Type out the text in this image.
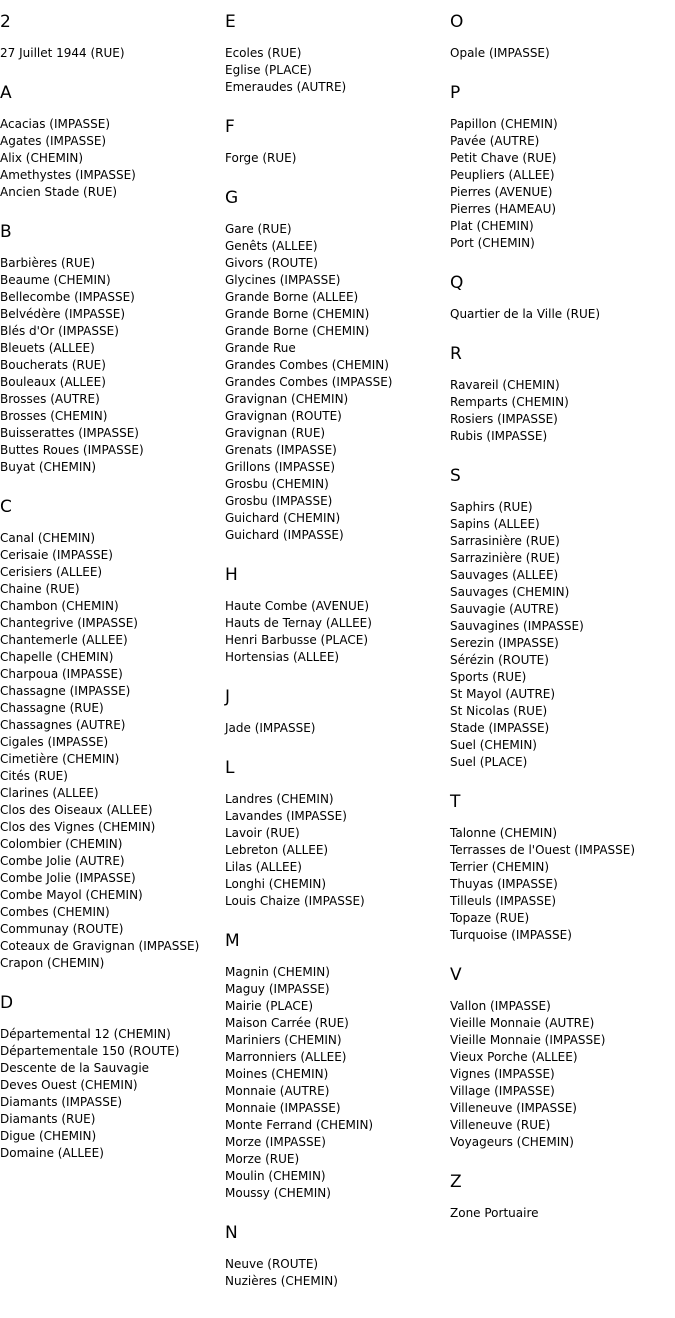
2
27 Juillet 1944 (RUE)
A
Acacias (IMPASSE)
Agates (IMPASSE)
Alix (CHEMIN)
Amethystes (IMPASSE)
Ancien Stade (RUE)
B
Barbières (RUE)
Beaume (CHEMIN)
Bellecombe (IMPASSE)
Belvédère (IMPASSE)
Blés d'Or (IMPASSE)
Bleuets (ALLEE)
Boucherats (RUE)
Bouleaux (ALLEE)
Brosses (AUTRE)
Brosses (CHEMIN)
Buisserattes (IMPASSE)
Buttes Roues (IMPASSE)
Buyat (CHEMIN)
C
Canal (CHEMIN)
Cerisaie (IMPASSE)
Cerisiers (ALLEE)
Chaine (RUE)
Chambon (CHEMIN)
Chantegrive (IMPASSE)
Chantemerle (ALLEE)
Chapelle (CHEMIN)
Charpoua (IMPASSE)
Chassagne (IMPASSE)
Chassagne (RUE)
Chassagnes (AUTRE)
Cigales (IMPASSE)
Cimetière (CHEMIN)
Cités (RUE)
Clarines (ALLEE)
Clos des Oiseaux (ALLEE)
Clos des Vignes (CHEMIN)
Colombier (CHEMIN)
Combe Jolie (AUTRE)
Combe Jolie (IMPASSE)
Combe Mayol (CHEMIN)
Combes (CHEMIN)
Communay (ROUTE)
Coteaux de Gravignan (IMPASSE)
Crapon (CHEMIN)
D
Départemental 12 (CHEMIN)
Départementale 150 (ROUTE)
Descente de la Sauvagie
Deves Ouest (CHEMIN)
Diamants (IMPASSE)
Diamants (RUE)
Digue (CHEMIN)
Domaine (ALLEE)
E
Ecoles (RUE)
Eglise (PLACE)
Emeraudes (AUTRE)
F
Forge (RUE)
G
Gare (RUE)
Genêts (ALLEE)
Givors (ROUTE)
Glycines (IMPASSE)
Grande Borne (ALLEE)
Grande Borne (CHEMIN)
Grande Borne (CHEMIN)
Grande Rue
Grandes Combes (CHEMIN)
Grandes Combes (IMPASSE)
Gravignan (CHEMIN)
Gravignan (ROUTE)
Gravignan (RUE)
Grenats (IMPASSE)
Grillons (IMPASSE)
Grosbu (CHEMIN)
Grosbu (IMPASSE)
Guichard (CHEMIN)
Guichard (IMPASSE)
H
Haute Combe (AVENUE)
Hauts de Ternay (ALLEE)
Henri Barbusse (PLACE)
Hortensias (ALLEE)
J
Jade (IMPASSE)
L
Landres (CHEMIN)
Lavandes (IMPASSE)
Lavoir (RUE)
Lebreton (ALLEE)
Lilas (ALLEE)
Longhi (CHEMIN)
Louis Chaize (IMPASSE)
M
Magnin (CHEMIN)
Maguy (IMPASSE)
Mairie (PLACE)
Maison Carrée (RUE)
Mariniers (CHEMIN)
Marronniers (ALLEE)
Moines (CHEMIN)
Monnaie (AUTRE)
Monnaie (IMPASSE)
Monte Ferrand (CHEMIN)
Morze (IMPASSE)
Morze (RUE)
Moulin (CHEMIN)
Moussy (CHEMIN)
N
Neuve (ROUTE)
Nuzières (CHEMIN)
O
Opale (IMPASSE)
P
Papillon (CHEMIN)
Pavée (AUTRE)
Petit Chave (RUE)
Peupliers (ALLEE)
Pierres (AVENUE)
Pierres (HAMEAU)
Plat (CHEMIN)
Port (CHEMIN)
Q
Quartier de la Ville (RUE)
R
Ravareil (CHEMIN)
Remparts (CHEMIN)
Rosiers (IMPASSE)
Rubis (IMPASSE)
S
Saphirs (RUE)
Sapins (ALLEE)
Sarrasinière (RUE)
Sarrazinière (RUE)
Sauvages (ALLEE)
Sauvages (CHEMIN)
Sauvagie (AUTRE)
Sauvagines (IMPASSE)
Serezin (IMPASSE)
Sérézin (ROUTE)
Sports (RUE)
St Mayol (AUTRE)
St Nicolas (RUE)
Stade (IMPASSE)
Suel (CHEMIN)
Suel (PLACE)
T
Talonne (CHEMIN)
Terrasses de l'Ouest (IMPASSE)
Terrier (CHEMIN)
Thuyas (IMPASSE)
Tilleuls (IMPASSE)
Topaze (RUE)
Turquoise (IMPASSE)
V
Vallon (IMPASSE)
Vieille Monnaie (AUTRE)
Vieille Monnaie (IMPASSE)
Vieux Porche (ALLEE)
Vignes (IMPASSE)
Village (IMPASSE)
Villeneuve (IMPASSE)
Villeneuve (RUE)
Voyageurs (CHEMIN)
Z
Zone Portuaire
